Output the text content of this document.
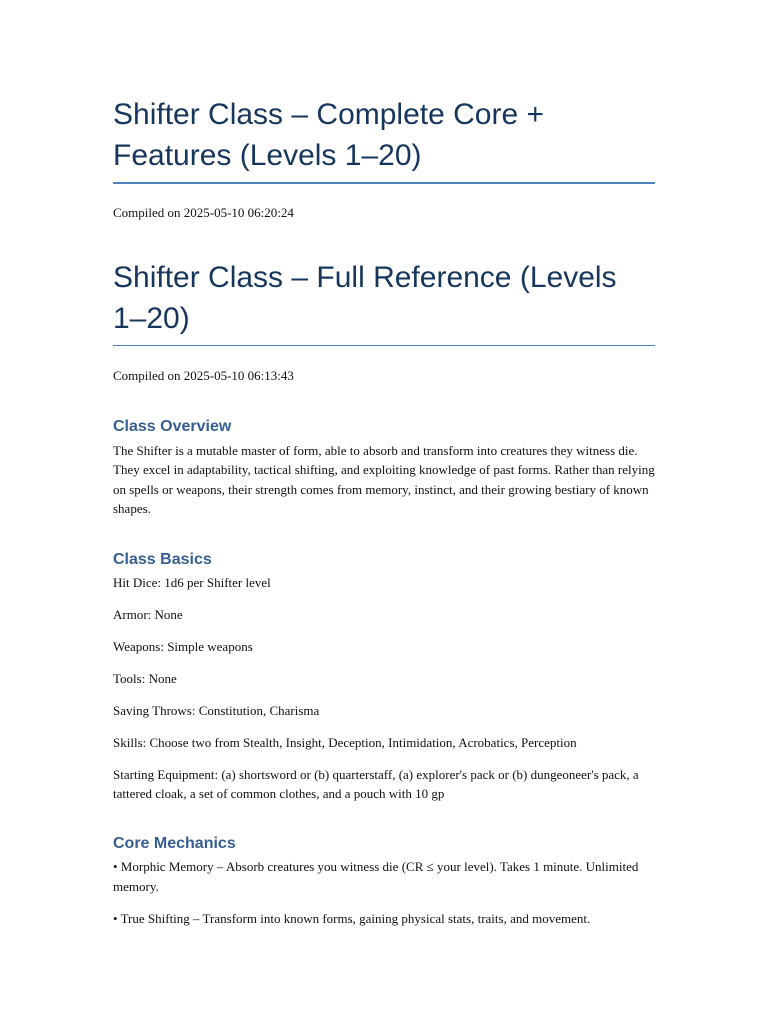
Shifter Class – Complete Core + Features (Levels 1–20)

Compiled on 2025-05-10 06:20:24

Shifter Class – Full Reference (Levels 1–20)

Compiled on 2025-05-10 06:13:43

Class Overview

The Shifter is a mutable master of form, able to absorb and transform into creatures they witness die. They excel in adaptability, tactical shifting, and exploiting knowledge of past forms. Rather than relying on spells or weapons, their strength comes from memory, instinct, and their growing bestiary of known shapes.

Class Basics

Hit Dice: 1d6 per Shifter level

Armor: None

Weapons: Simple weapons

Tools: None

Saving Throws: Constitution, Charisma

Skills: Choose two from Stealth, Insight, Deception, Intimidation, Acrobatics, Perception

Starting Equipment: (a) shortsword or (b) quarterstaff, (a) explorer's pack or (b) dungeoneer's pack, a tattered cloak, a set of common clothes, and a pouch with 10 gp

Core Mechanics

• Morphic Memory – Absorb creatures you witness die (CR ≤ your level). Takes 1 minute. Unlimited memory.

• True Shifting – Transform into known forms, gaining physical stats, traits, and movement.
